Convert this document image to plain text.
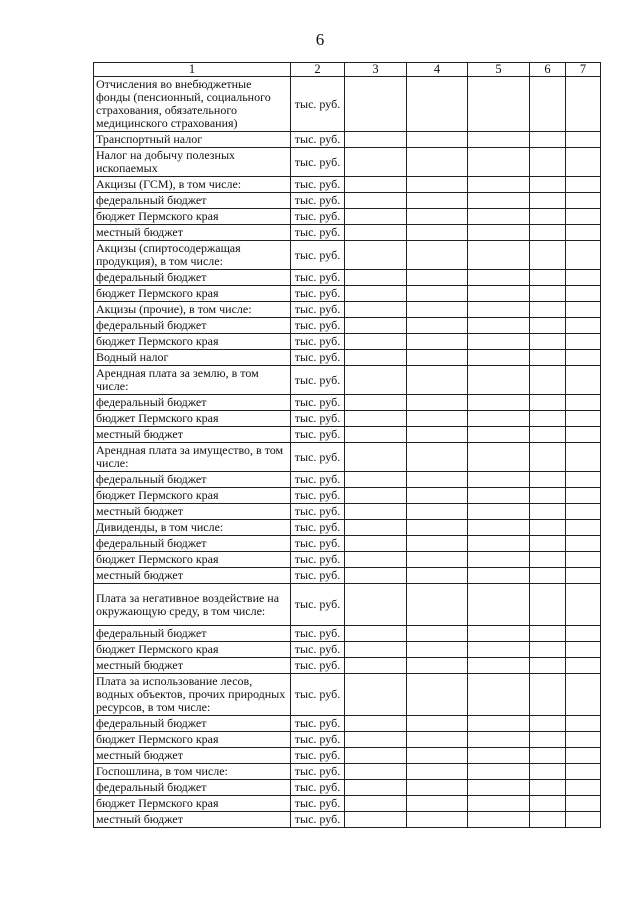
6
1	2	3	4	5	6	7
Отчисления во внебюджетные фонды (пенсионный, социального страхования, обязательного медицинского страхования)	тыс. руб.					
Транспортный налог	тыс. руб.					
Налог на добычу полезных ископаемых	тыс. руб.					
Акцизы (ГСМ), в том числе:	тыс. руб.					
федеральный бюджет	тыс. руб.					
бюджет Пермского края	тыс. руб.					
местный бюджет	тыс. руб.					
Акцизы (спиртосодержащая продукция), в том числе:	тыс. руб.					
федеральный бюджет	тыс. руб.					
бюджет Пермского края	тыс. руб.					
Акцизы (прочие), в том числе:	тыс. руб.					
федеральный бюджет	тыс. руб.					
бюджет Пермского края	тыс. руб.					
Водный налог	тыс. руб.					
Арендная плата за землю, в том числе:	тыс. руб.					
федеральный бюджет	тыс. руб.					
бюджет Пермского края	тыс. руб.					
местный бюджет	тыс. руб.					
Арендная плата за имущество, в том числе:	тыс. руб.					
федеральный бюджет	тыс. руб.					
бюджет Пермского края	тыс. руб.					
местный бюджет	тыс. руб.					
Дивиденды, в том числе:	тыс. руб.					
федеральный бюджет	тыс. руб.					
бюджет Пермского края	тыс. руб.					
местный бюджет	тыс. руб.					
Плата за негативное воздействие на окружающую среду, в том числе:	тыс. руб.					
федеральный бюджет	тыс. руб.					
бюджет Пермского края	тыс. руб.					
местный бюджет	тыс. руб.					
Плата за использование лесов, водных объектов, прочих природных ресурсов, в том числе:	тыс. руб.					
федеральный бюджет	тыс. руб.					
бюджет Пермского края	тыс. руб.					
местный бюджет	тыс. руб.					
Госпошлина, в том числе:	тыс. руб.					
федеральный бюджет	тыс. руб.					
бюджет Пермского края	тыс. руб.					
местный бюджет	тыс. руб.					
